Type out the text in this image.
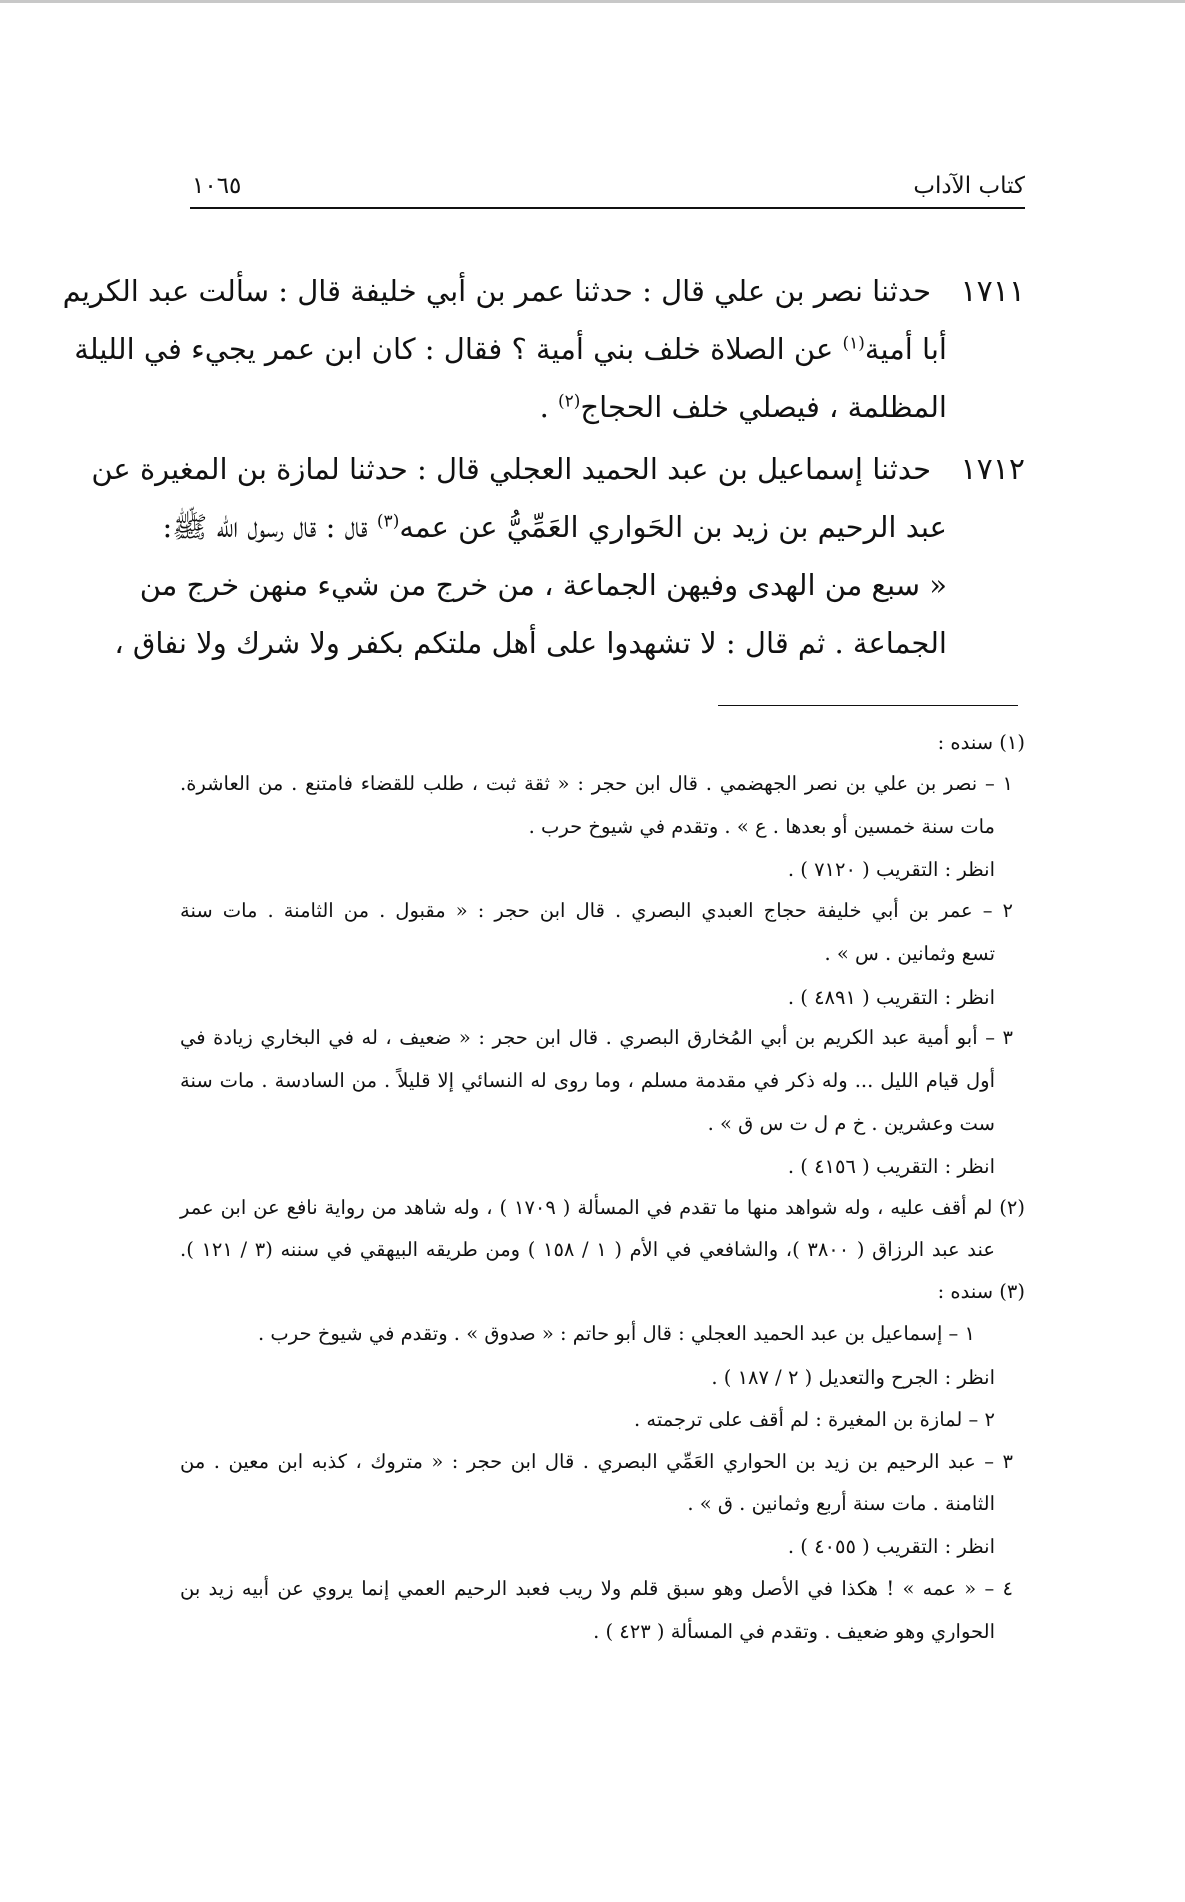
كتاب الآداب
١٠٦٥
١٧١١
حدثنا نصر بن علي قال : حدثنا عمر بن أبي خليفة قال : سألت عبد الكريم
أبا أمية$^{(١)}$ عن الصلاة خلف بني أمية ؟ فقال : كان ابن عمر يجيء في الليلة
المظلمة ، فيصلي خلف الحجاج$^{(٢)}$ .
١٧١٢
حدثنا إسماعيل بن عبد الحميد العجلي قال : حدثنا لمازة بن المغيرة عن
عبد الرحيم بن زيد بن الحَواري العَمِّيُّ عن عمه$^{(٣)}$ قال : قال رسول الله ﷺ:
« سبع من الهدى وفيهن الجماعة ، من خرج من شيء منهن خرج من
الجماعة . ثم قال : لا تشهدوا على أهل ملتكم بكفر ولا شرك ولا نفاق ،
(١) سنده :
١ – نصر بن علي بن نصر الجهضمي . قال ابن حجر : « ثقة ثبت ، طلب للقضاء فامتنع . من العاشرة.
مات سنة خمسين أو بعدها . ع » . وتقدم في شيوخ حرب .
انظر : التقريب ( ٧١٢٠ ) .
٢ – عمر بن أبي خليفة حجاج العبدي البصري . قال ابن حجر : « مقبول . من الثامنة . مات سنة
تسع وثمانين . س » .
انظر : التقريب ( ٤٨٩١ ) .
٣ – أبو أمية عبد الكريم بن أبي المُخارق البصري . قال ابن حجر : « ضعيف ، له في البخاري زيادة في
أول قيام الليل ... وله ذكر في مقدمة مسلم ، وما روى له النسائي إلا قليلاً . من السادسة . مات سنة
ست وعشرين . خ م ل ت س ق » .
انظر : التقريب ( ٤١٥٦ ) .
(٢) لم أقف عليه ، وله شواهد منها ما تقدم في المسألة ( ١٧٠٩ ) ، وله شاهد من رواية نافع عن ابن عمر
عند عبد الرزاق ( ٣٨٠٠ )، والشافعي في الأم ( ١ / ١٥٨ ) ومن طريقه البيهقي في سننه (٣ / ١٢١ ).
(٣) سنده :
١ – إسماعيل بن عبد الحميد العجلي : قال أبو حاتم : « صدوق » . وتقدم في شيوخ حرب .
انظر : الجرح والتعديل ( ٢ / ١٨٧ ) .
٢ – لمازة بن المغيرة : لم أقف على ترجمته .
٣ – عبد الرحيم بن زيد بن الحواري العَمِّي البصري . قال ابن حجر : « متروك ، كذبه ابن معين . من
الثامنة . مات سنة أربع وثمانين . ق » .
انظر : التقريب ( ٤٠٥٥ ) .
٤ – « عمه » ! هكذا في الأصل وهو سبق قلم ولا ريب فعبد الرحيم العمي إنما يروي عن أبيه زيد بن
الحواري وهو ضعيف . وتقدم في المسألة ( ٤٢٣ ) .
